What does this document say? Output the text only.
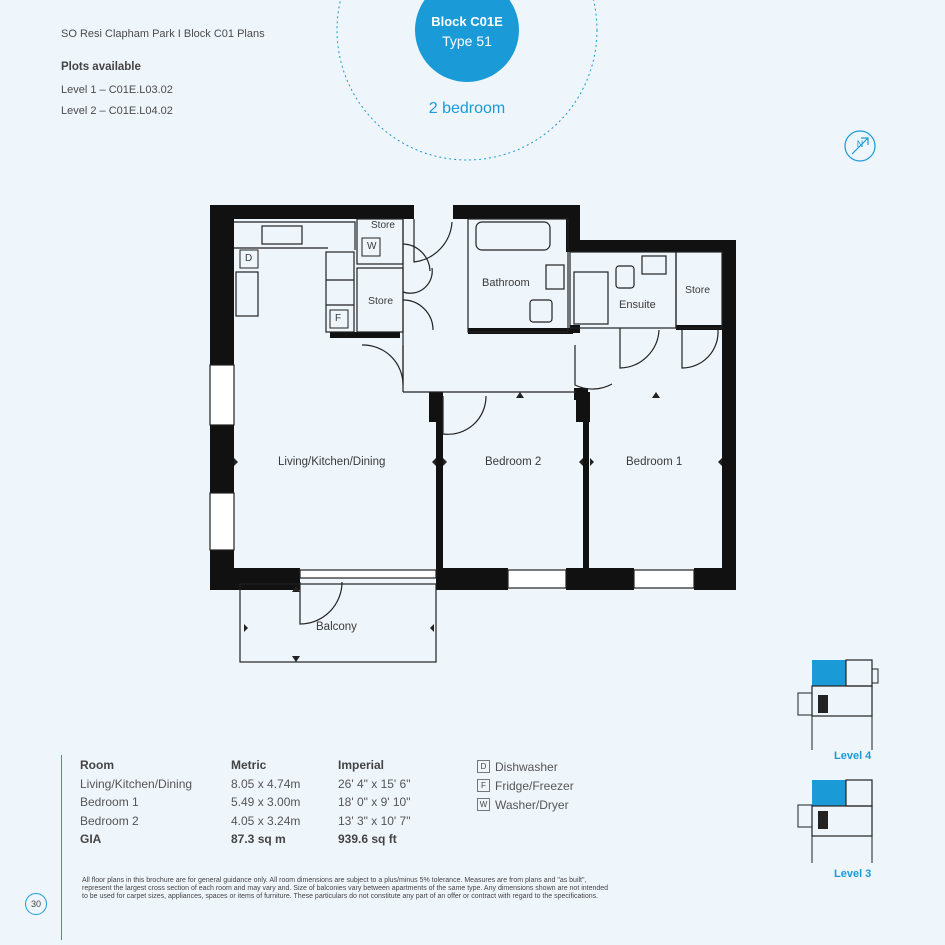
SO Resi Clapham Park I Block C01 Plans
Plots available
Level 1 – C01E.L03.02
Level 2 – C01E.L04.02
Block C01E
Type 51
2 bedroom
N
Store
W
Bathroom
Store	Ensuite
Store
D
F
Living/Kitchen/Dining	Bedroom 2	Bedroom 1
Balcony
Level 4
Level 3
Room	Metric	Imperial
Living/Kitchen/Dining	8.05 x 4.74m	26' 4" x 15' 6"
Bedroom 1	5.49 x 3.00m	18' 0" x 9' 10"
Bedroom 2	4.05 x 3.24m	13' 3" x 10' 7"
GIA	87.3 sq m	939.6 sq ft
D Dishwasher
F Fridge/Freezer
W Washer/Dryer
30
All floor plans in this brochure are for general guidance only. All room dimensions are subject to a plus/minus 5% tolerance. Measures are from plans and "as built",
represent the largest cross section of each room and may vary and. Size of balconies vary between apartments of the same type. Any dimensions shown are not intended
to be used for carpet sizes, appliances, spaces or items of furniture. These particulars do not constitute any part of an offer or contract with regard to the specifications.
